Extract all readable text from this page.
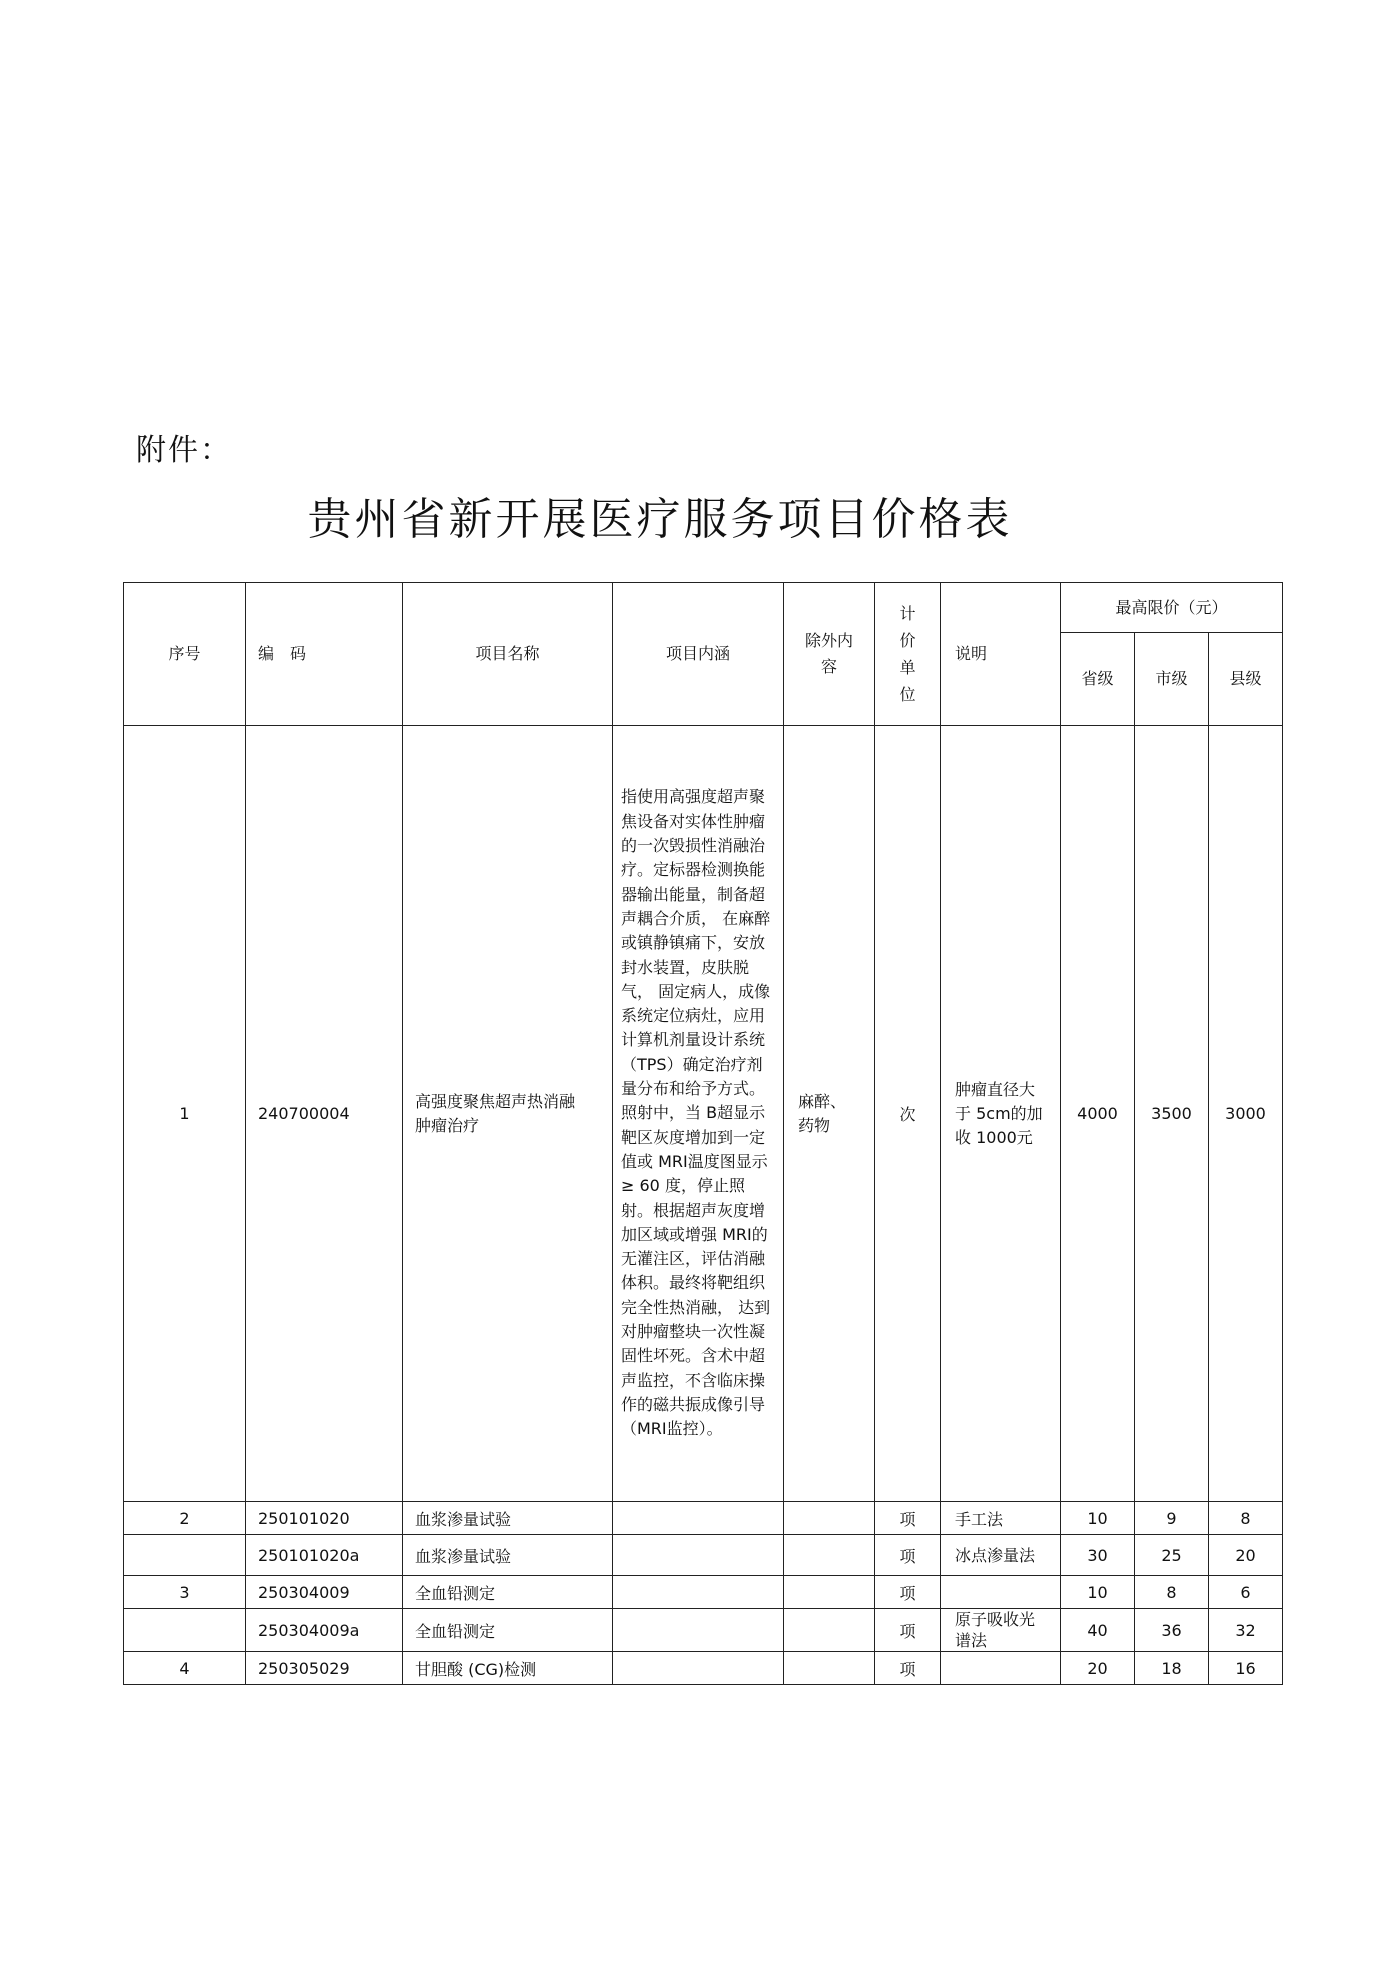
附件：
贵州省新开展医疗服务项目价格表
序号	编　码	项目名称	项目内涵	除外内容	计价单位	说明	最高限价（元）		
							省级	市级	县级
1	240700004	高强度聚焦超声热消融肿瘤治疗	指使用高强度超声聚焦设备对实体性肿瘤的一次毁损性消融治疗。定标器检测换能器输出能量，制备超声耦合介质， 在麻醉或镇静镇痛下，安放封水装置，皮肤脱气， 固定病人，成像系统定位病灶，应用计算机剂量设计系统（TPS）确定治疗剂量分布和给予方式。照射中，当 B超显示靶区灰度增加到一定值或 MRI温度图显示≥ 60 度，停止照射。根据超声灰度增加区域或增强 MRI的无灌注区，评估消融体积。最终将靶组织完全性热消融， 达到对肿瘤整块一次性凝固性坏死。含术中超声监控，不含临床操作的磁共振成像引导（MRI监控）。	麻醉、药物	次	肿瘤直径大于 5cm的加收 1000元	4000	3500	3000
2	250101020	血浆渗量试验			项	手工法	10	9	8
	250101020a	血浆渗量试验			项	冰点渗量法	30	25	20
3	250304009	全血铅测定			项		10	8	6
	250304009a	全血铅测定			项	原子吸收光谱法	40	36	32
4	250305029	甘胆酸 (CG)检测			项		20	18	16
